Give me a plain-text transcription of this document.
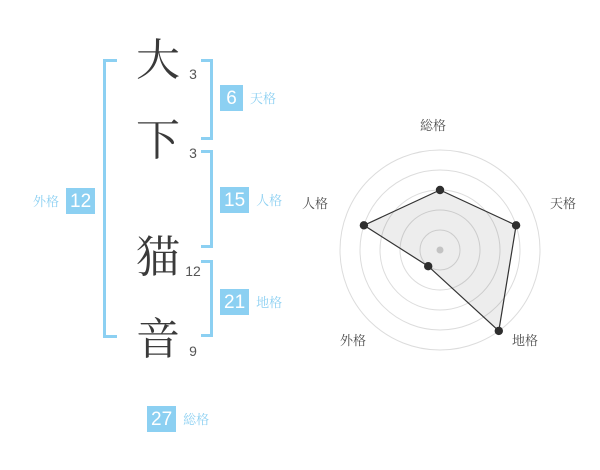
大
下
猫
音
3
3
12
9
6	天格
15 人格
21 地格
外格 12
27 総格
総格
天格
地格
外格
人格
